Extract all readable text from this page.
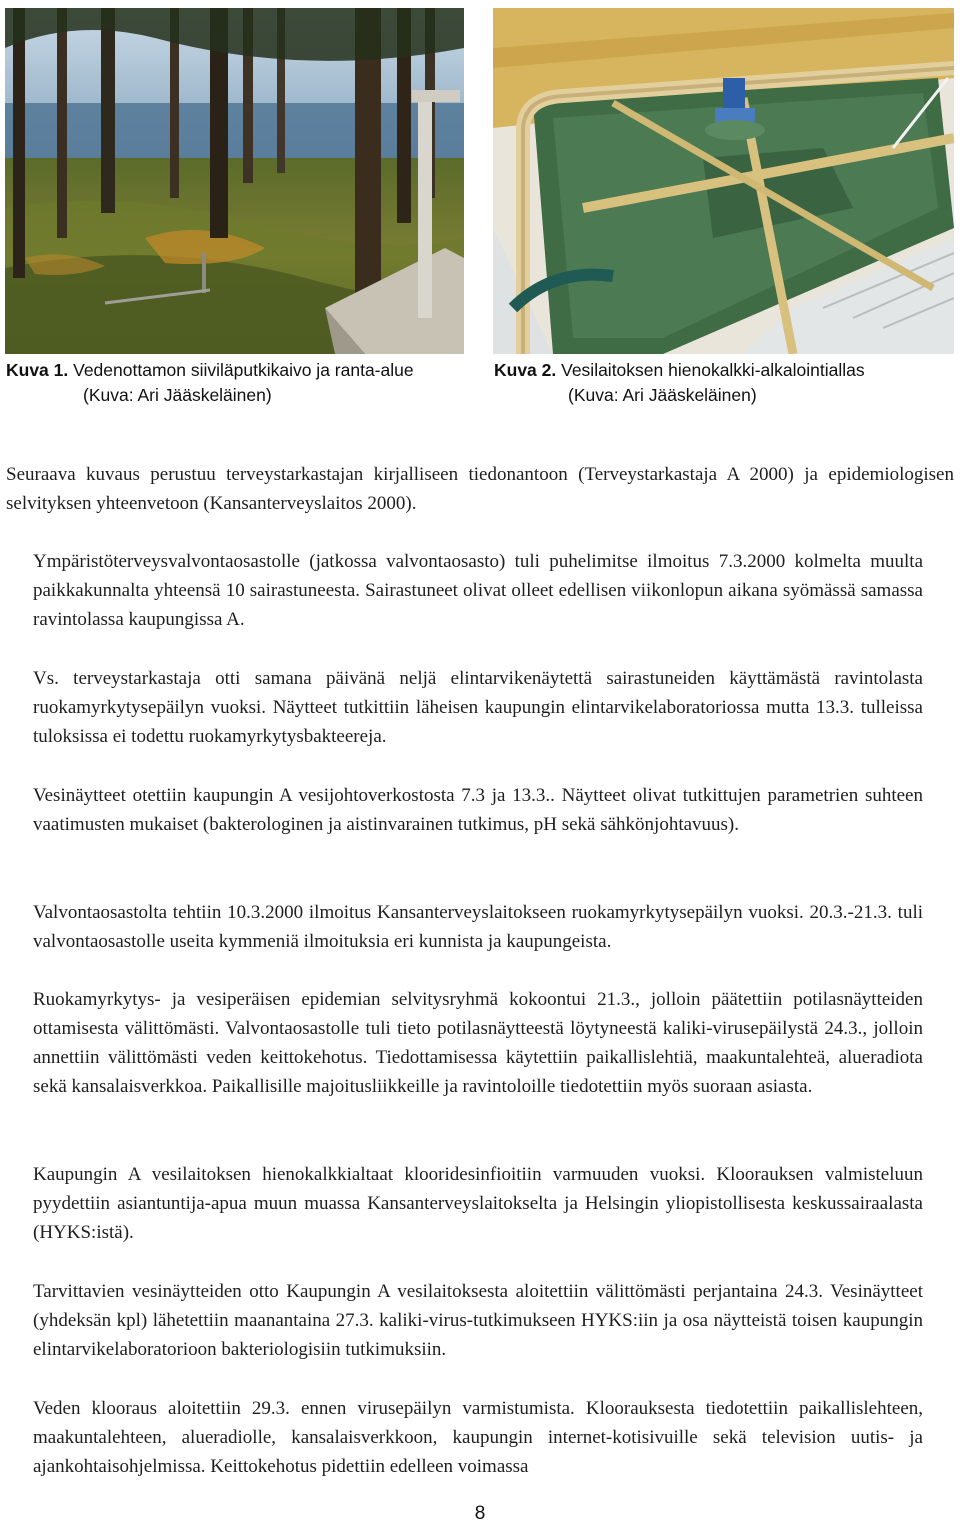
Kuva 1. Vedenottamon siiviläputkikaivo ja ranta-alue
(Kuva: Ari Jääskeläinen)
Kuva 2. Vesilaitoksen hienokalkki-alkalointiallas
(Kuva: Ari Jääskeläinen)

Seuraava kuvaus perustuu terveystarkastajan kirjalliseen tiedonantoon (Terveystarkastaja A 2000) ja epidemiologisen selvityksen yhteenvetoon (Kansanterveyslaitos 2000).

Ympäristöterveysvalvontaosastolle (jatkossa valvontaosasto) tuli puhelimitse ilmoitus 7.3.2000 kolmelta muulta paikkakunnalta yhteensä 10 sairastuneesta. Sairastuneet olivat olleet edellisen viikonlopun aikana syömässä samassa ravintolassa kaupungissa A.

Vs. terveystarkastaja otti samana päivänä neljä elintarvikenäytettä sairastuneiden käyttämästä ravintolasta ruokamyrkytysepäilyn vuoksi. Näytteet tutkittiin läheisen kaupungin elintarvikelaboratoriossa mutta 13.3. tulleissa tuloksissa ei todettu ruokamyrkytysbakteereja.

Vesinäytteet otettiin kaupungin A vesijohtoverkostosta 7.3 ja 13.3.. Näytteet olivat tutkittujen parametrien suhteen vaatimusten mukaiset (bakterologinen ja aistinvarainen tutkimus, pH sekä sähkönjohtavuus).

Valvontaosastolta tehtiin 10.3.2000 ilmoitus Kansanterveyslaitokseen ruokamyrkytysepäilyn vuoksi. 20.3.-21.3. tuli valvontaosastolle useita kymmeniä ilmoituksia eri kunnista ja kaupungeista.

Ruokamyrkytys- ja vesiperäisen epidemian selvitysryhmä kokoontui 21.3., jolloin päätettiin potilasnäytteiden ottamisesta välittömästi. Valvontaosastolle tuli tieto potilasnäytteestä löytyneestä kaliki-virusepäilystä 24.3., jolloin annettiin välittömästi veden keittokehotus. Tiedottamisessa käytettiin paikallislehtiä, maakuntalehteä, alueradiota sekä kansalaisverkkoa. Paikallisille majoitusliikkeille ja ravintoloille tiedotettiin myös suoraan asiasta.

Kaupungin A vesilaitoksen hienokalkkialtaat klooridesinfioitiin varmuuden vuoksi. Kloorauksen valmisteluun pyydettiin asiantuntija-apua muun muassa Kansanterveyslaitokselta ja Helsingin yliopistollisesta keskussairaalasta (HYKS:istä).

Tarvittavien vesinäytteiden otto Kaupungin A vesilaitoksesta aloitettiin välittömästi perjantaina 24.3. Vesinäytteet (yhdeksän kpl) lähetettiin maanantaina 27.3. kaliki-virus-tutkimukseen HYKS:iin ja osa näytteistä toisen kaupungin elintarvikelaboratorioon bakteriologisiin tutkimuksiin.

Veden klooraus aloitettiin 29.3. ennen virusepäilyn varmistumista. Kloorauksesta tiedotettiin paikallislehteen, maakuntalehteen, alueradiolle, kansalaisverkkoon, kaupungin internet-kotisivuille sekä television uutis- ja ajankohtaisohjelmissa. Keittokehotus pidettiin edelleen voimassa

8
